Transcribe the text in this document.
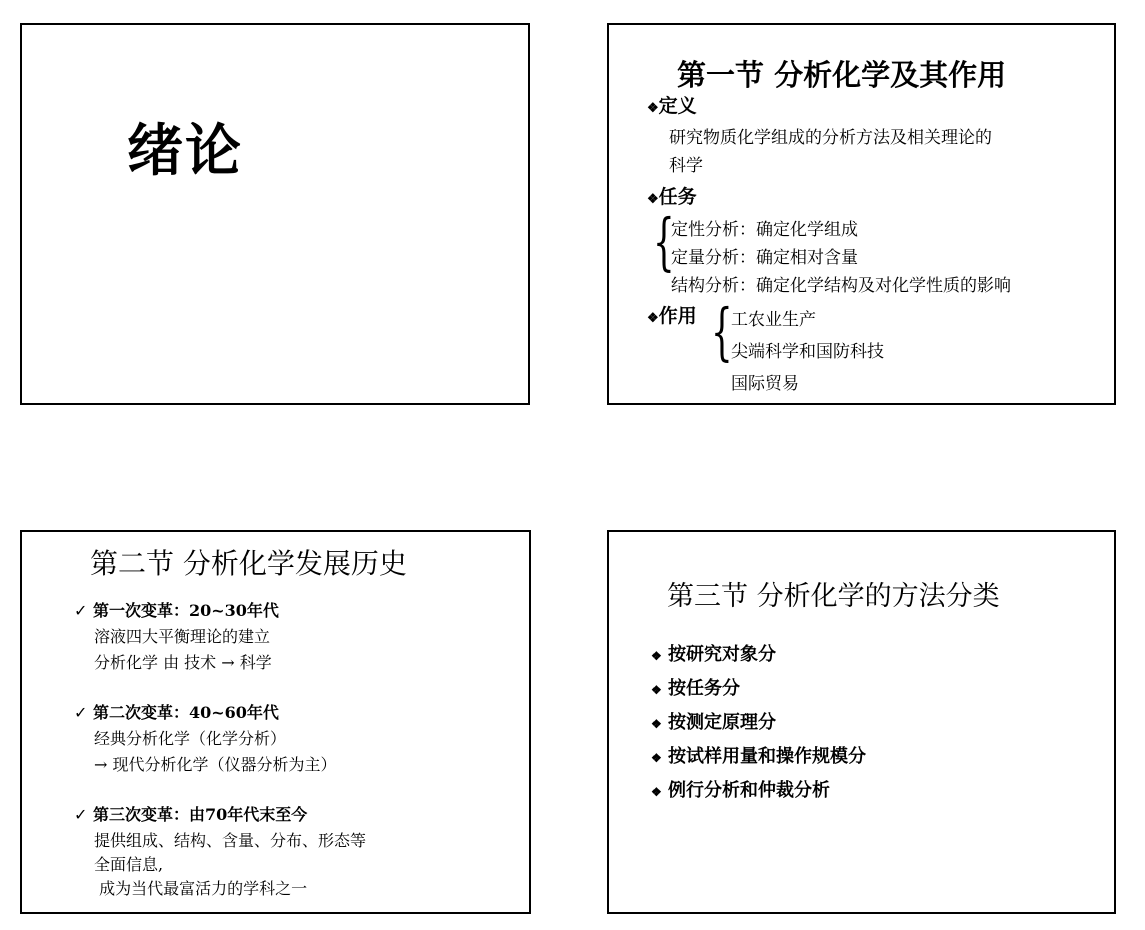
绪论
第一节 分析化学及其作用
❖定义
研究物质化学组成的分析方法及相关理论的
科学
❖任务
{
定性分析：确定化学组成
定量分析：确定相对含量
结构分析：确定化学结构及对化学性质的影响
❖作用 {
工农业生产
尖端科学和国防科技
国际贸易
第二节 分析化学发展历史
✓ 第一次变革：20~30年代
溶液四大平衡理论的建立
分析化学 由 技术 → 科学
✓ 第二次变革：40~60年代
经典分析化学（化学分析）
→ 现代分析化学（仪器分析为主）
✓ 第三次变革：由70年代末至今
提供组成、结构、含量、分布、形态等
全面信息,
成为当代最富活力的学科之一
第三节 分析化学的方法分类
❖ 按研究对象分
❖ 按任务分
❖ 按测定原理分
❖ 按试样用量和操作规模分
❖ 例行分析和仲裁分析
